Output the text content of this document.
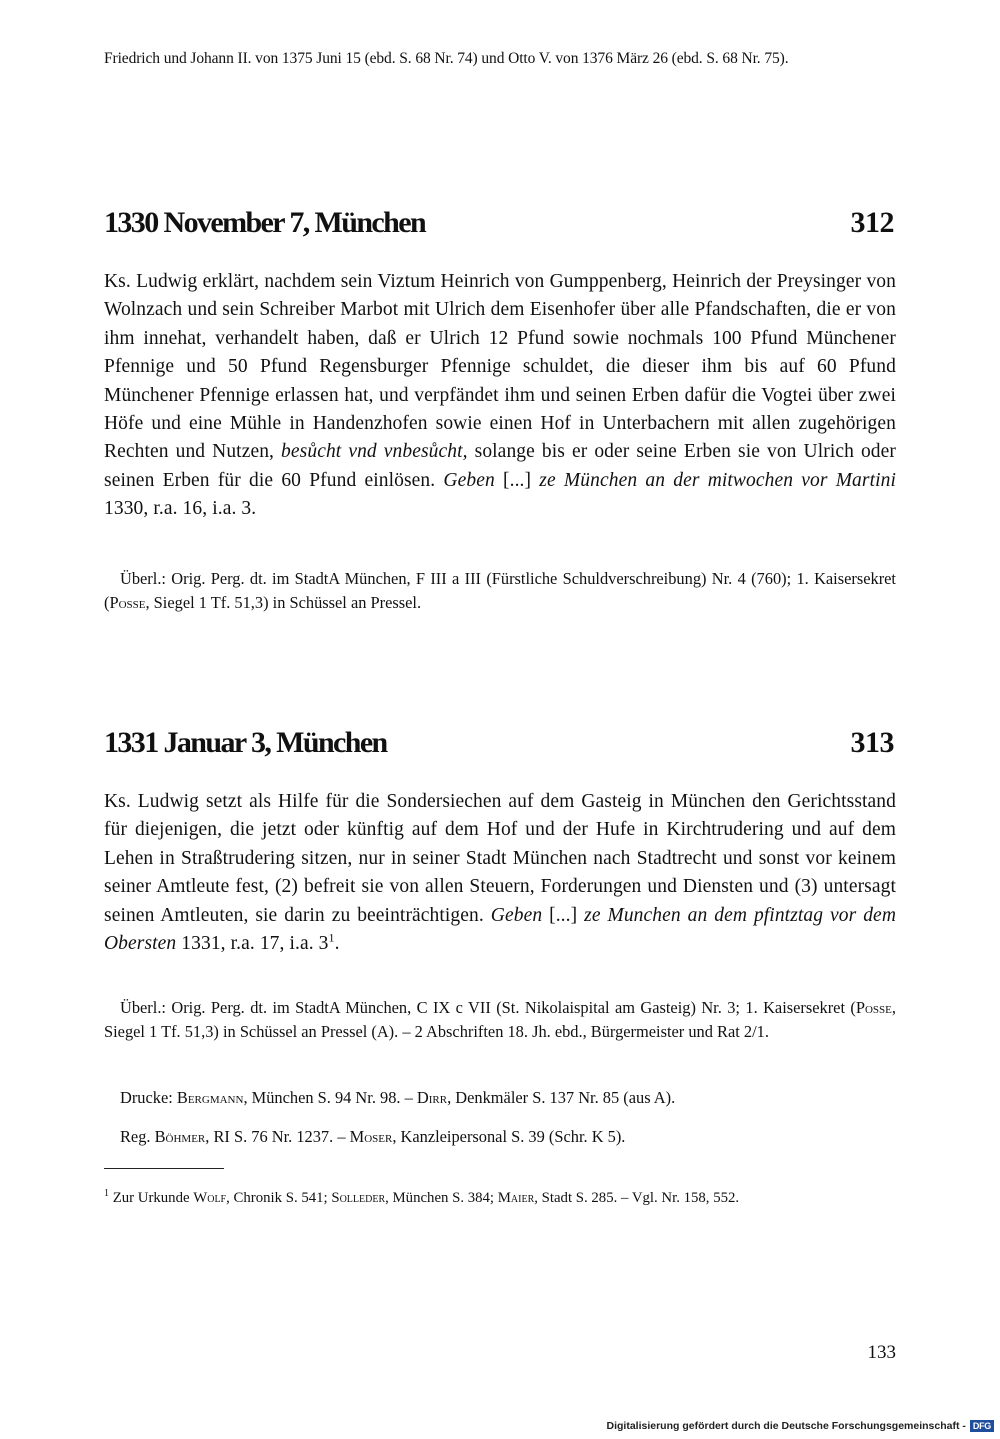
Friedrich und Johann II. von 1375 Juni 15 (ebd. S. 68 Nr. 74) und Otto V. von 1376 März 26 (ebd. S. 68 Nr. 75).
1330 November 7, München	312
Ks. Ludwig erklärt, nachdem sein Viztum Heinrich von Gumppenberg, Heinrich der Preysinger von Wolnzach und sein Schreiber Marbot mit Ulrich dem Eisenhofer über alle Pfandschaften, die er von ihm innehat, verhandelt haben, daß er Ulrich 12 Pfund sowie nochmals 100 Pfund Münchener Pfennige und 50 Pfund Regensburger Pfennige schuldet, die dieser ihm bis auf 60 Pfund Münchener Pfennige erlassen hat, und verpfändet ihm und seinen Erben dafür die Vogtei über zwei Höfe und eine Mühle in Handenzhofen sowie einen Hof in Unterbachern mit allen zugehörigen Rechten und Nutzen, besůcht vnd vnbesůcht, solange bis er oder seine Erben sie von Ulrich oder seinen Erben für die 60 Pfund einlösen. Geben [...] ze München an der mitwochen vor Martini 1330, r.a. 16, i.a. 3.
Überl.: Orig. Perg. dt. im StadtA München, F III a III (Fürstliche Schuldverschreibung) Nr. 4 (760); 1. Kaisersekret (Posse, Siegel 1 Tf. 51,3) in Schüssel an Pressel.
1331 Januar 3, München	313
Ks. Ludwig setzt als Hilfe für die Sondersiechen auf dem Gasteig in München den Gerichtsstand für diejenigen, die jetzt oder künftig auf dem Hof und der Hufe in Kirchtrudering und auf dem Lehen in Straßtrudering sitzen, nur in seiner Stadt München nach Stadtrecht und sonst vor keinem seiner Amtleute fest, (2) befreit sie von allen Steuern, Forderungen und Diensten und (3) untersagt seinen Amtleuten, sie darin zu beeinträchtigen. Geben [...] ze Munchen an dem pfintztag vor dem Obersten 1331, r.a. 17, i.a. $3^1$.
Überl.: Orig. Perg. dt. im StadtA München, C IX c VII (St. Nikolaispital am Gasteig) Nr. 3; 1. Kaisersekret (Posse, Siegel 1 Tf. 51,3) in Schüssel an Pressel (A). – 2 Abschriften 18. Jh. ebd., Bürgermeister und Rat 2/1.
Drucke: Bergmann, München S. 94 Nr. 98. – Dirr, Denkmäler S. 137 Nr. 85 (aus A).
Reg. Böhmer, RI S. 76 Nr. 1237. – Moser, Kanzleipersonal S. 39 (Schr. K 5).
$^1$ Zur Urkunde Wolf, Chronik S. 541; Solleder, München S. 384; Maier, Stadt S. 285. – Vgl. Nr. 158, 552.
133
Digitalisierung gefördert durch die Deutsche Forschungsgemeinschaft - DFG
